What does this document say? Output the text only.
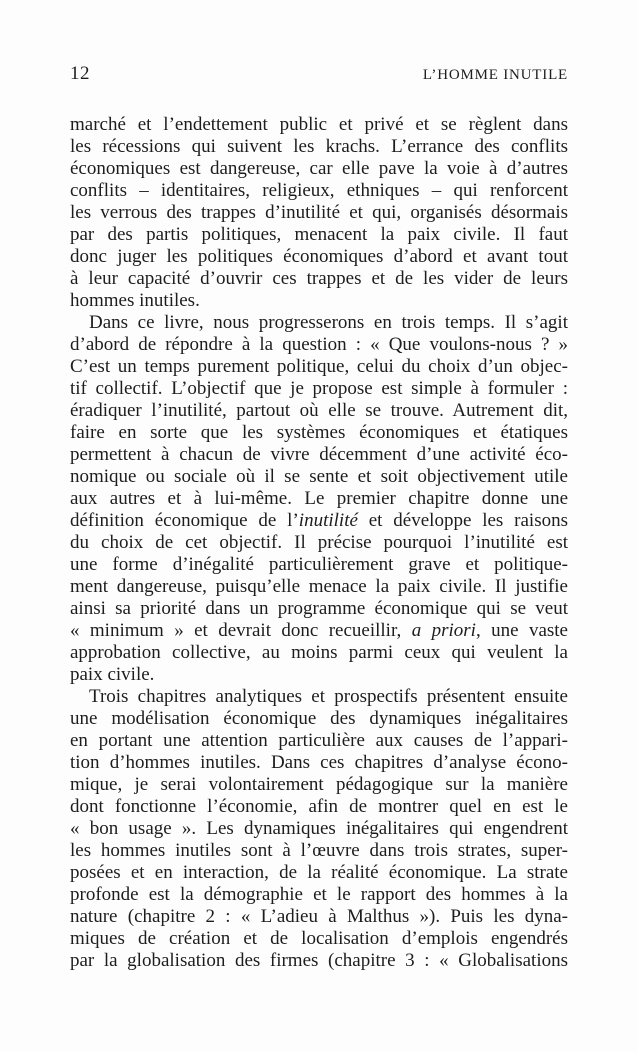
12	L’HOMME INUTILE
marché et l’endettement public et privé et se règlent dans
les récessions qui suivent les krachs. L’errance des conflits
économiques est dangereuse, car elle pave la voie à d’autres
conflits – identitaires, religieux, ethniques – qui renforcent
les verrous des trappes d’inutilité et qui, organisés désormais
par des partis politiques, menacent la paix civile. Il faut
donc juger les politiques économiques d’abord et avant tout
à leur capacité d’ouvrir ces trappes et de les vider de leurs
hommes inutiles.
Dans ce livre, nous progresserons en trois temps. Il s’agit
d’abord de répondre à la question : « Que voulons-nous ? »
C’est un temps purement politique, celui du choix d’un objec-
tif collectif. L’objectif que je propose est simple à formuler :
éradiquer l’inutilité, partout où elle se trouve. Autrement dit,
faire en sorte que les systèmes économiques et étatiques
permettent à chacun de vivre décemment d’une activité éco-
nomique ou sociale où il se sente et soit objectivement utile
aux autres et à lui-même. Le premier chapitre donne une
définition économique de l’inutilité et développe les raisons
du choix de cet objectif. Il précise pourquoi l’inutilité est
une forme d’inégalité particulièrement grave et politique-
ment dangereuse, puisqu’elle menace la paix civile. Il justifie
ainsi sa priorité dans un programme économique qui se veut
« minimum » et devrait donc recueillir, a priori, une vaste
approbation collective, au moins parmi ceux qui veulent la
paix civile.
Trois chapitres analytiques et prospectifs présentent ensuite
une modélisation économique des dynamiques inégalitaires
en portant une attention particulière aux causes de l’appari-
tion d’hommes inutiles. Dans ces chapitres d’analyse écono-
mique, je serai volontairement pédagogique sur la manière
dont fonctionne l’économie, afin de montrer quel en est le
« bon usage ». Les dynamiques inégalitaires qui engendrent
les hommes inutiles sont à l’œuvre dans trois strates, super-
posées et en interaction, de la réalité économique. La strate
profonde est la démographie et le rapport des hommes à la
nature (chapitre 2 : « L’adieu à Malthus »). Puis les dyna-
miques de création et de localisation d’emplois engendrés
par la globalisation des firmes (chapitre 3 : « Globalisations
